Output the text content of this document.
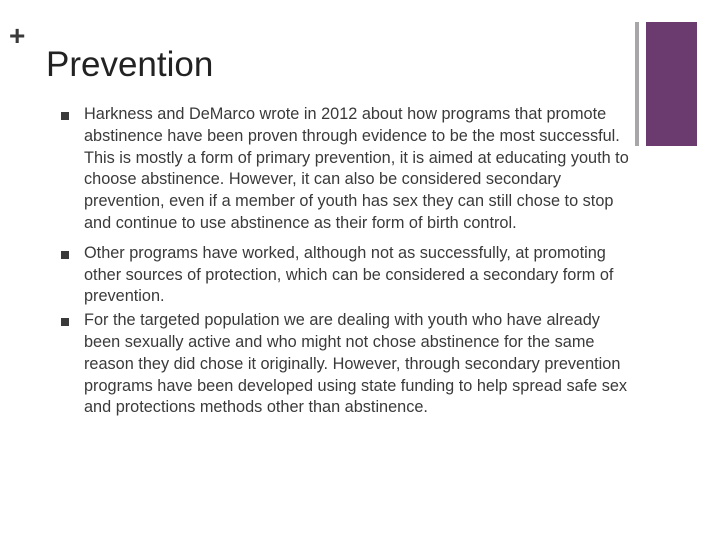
+
Prevention
Harkness and DeMarco wrote in 2012 about how programs that promote abstinence have been proven through evidence to be the most successful. This is mostly a form of primary prevention, it is aimed at educating youth to choose abstinence. However, it can also be considered secondary prevention, even if a member of youth has sex they can still chose to stop and continue to use abstinence as their form of birth control.
Other programs have worked, although not as successfully, at promoting other sources of protection, which can be considered a secondary form of prevention.
For the targeted population we are dealing with youth who have already been sexually active and who might not chose abstinence for the same reason they did chose it originally. However, through secondary prevention programs have been developed using state funding to help spread safe sex and protections methods other than abstinence.
